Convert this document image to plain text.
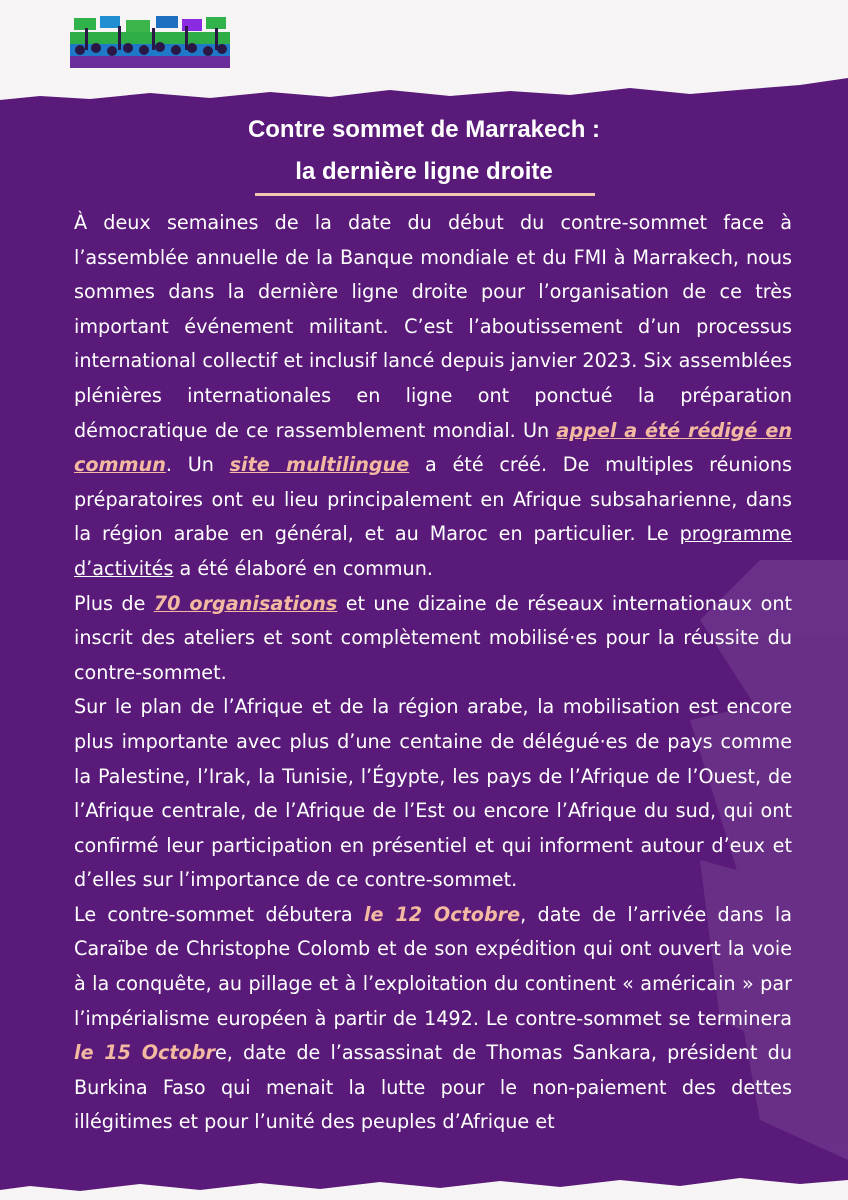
Contre sommet de Marrakech :
la dernière ligne droite

À deux semaines de la date du début du contre-sommet face à l’assemblée annuelle de la Banque mondiale et du FMI à Marrakech, nous sommes dans la dernière ligne droite pour l’organisation de ce très important événement militant. C’est l’aboutissement d’un processus international collectif et inclusif lancé depuis janvier 2023. Six assemblées plénières internationales en ligne ont ponctué la préparation démocratique de ce rassemblement mondial. Un appel a été rédigé en commun. Un site multilingue a été créé. De multiples réunions préparatoires ont eu lieu principalement en Afrique subsaharienne, dans la région arabe en général, et au Maroc en particulier. Le programme d’activités a été élaboré en commun.

Plus de 70 organisations et une dizaine de réseaux internationaux ont inscrit des ateliers et sont complètement mobilisé·es pour la réussite du contre-sommet.

Sur le plan de l’Afrique et de la région arabe, la mobilisation est encore plus importante avec plus d’une centaine de délégué·es de pays comme la Palestine, l’Irak, la Tunisie, l’Égypte, les pays de l’Afrique de l’Ouest, de l’Afrique centrale, de l’Afrique de l’Est ou encore l’Afrique du sud, qui ont confirmé leur participation en présentiel et qui informent autour d’eux et d’elles sur l’importance de ce contre-sommet.

Le contre-sommet débutera le 12 Octobre, date de l’arrivée dans la Caraïbe de Christophe Colomb et de son expédition qui ont ouvert la voie à la conquête, au pillage et à l’exploitation du continent « américain » par l’impérialisme européen à partir de 1492. Le contre-sommet se terminera le 15 Octobre, date de l’assassinat de Thomas Sankara, président du Burkina Faso qui menait la lutte pour le non-paiement des dettes illégitimes et pour l’unité des peuples d’Afrique et
